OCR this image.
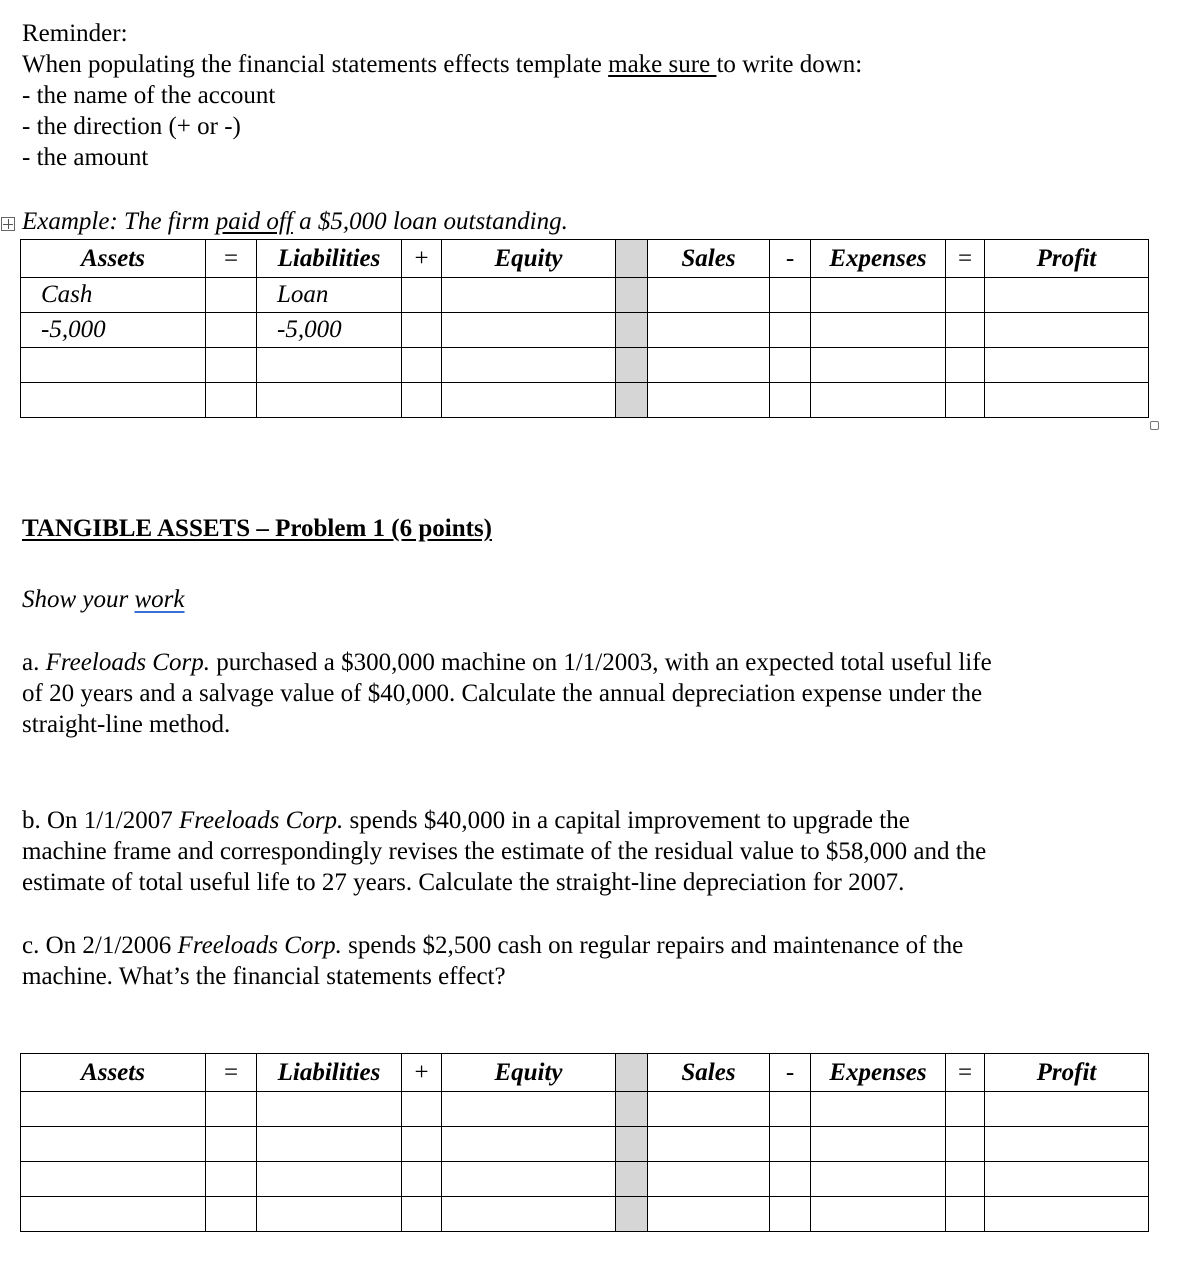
Reminder:
When populating the financial statements effects template make sure to write down:
- the name of the account
- the direction (+ or -)
- the amount
Example: The firm paid off a $5,000 loan outstanding.
Assets	=	Liabilities	+	Equity		Sales	-	Expenses	=	Profit
Cash		Loan								
-5,000		-5,000								

TANGIBLE ASSETS – Problem 1 (6 points)
Show your work
a. Freeloads Corp. purchased a $300,000 machine on 1/1/2003, with an expected total useful life
of 20 years and a salvage value of $40,000. Calculate the annual depreciation expense under the
straight-line method.
b. On 1/1/2007 Freeloads Corp. spends $40,000 in a capital improvement to upgrade the
machine frame and correspondingly revises the estimate of the residual value to $58,000 and the
estimate of total useful life to 27 years. Calculate the straight-line depreciation for 2007.
c. On 2/1/2006 Freeloads Corp. spends $2,500 cash on regular repairs and maintenance of the
machine. What’s the financial statements effect?
Assets	=	Liabilities	+	Equity		Sales	-	Expenses	=	Profit
